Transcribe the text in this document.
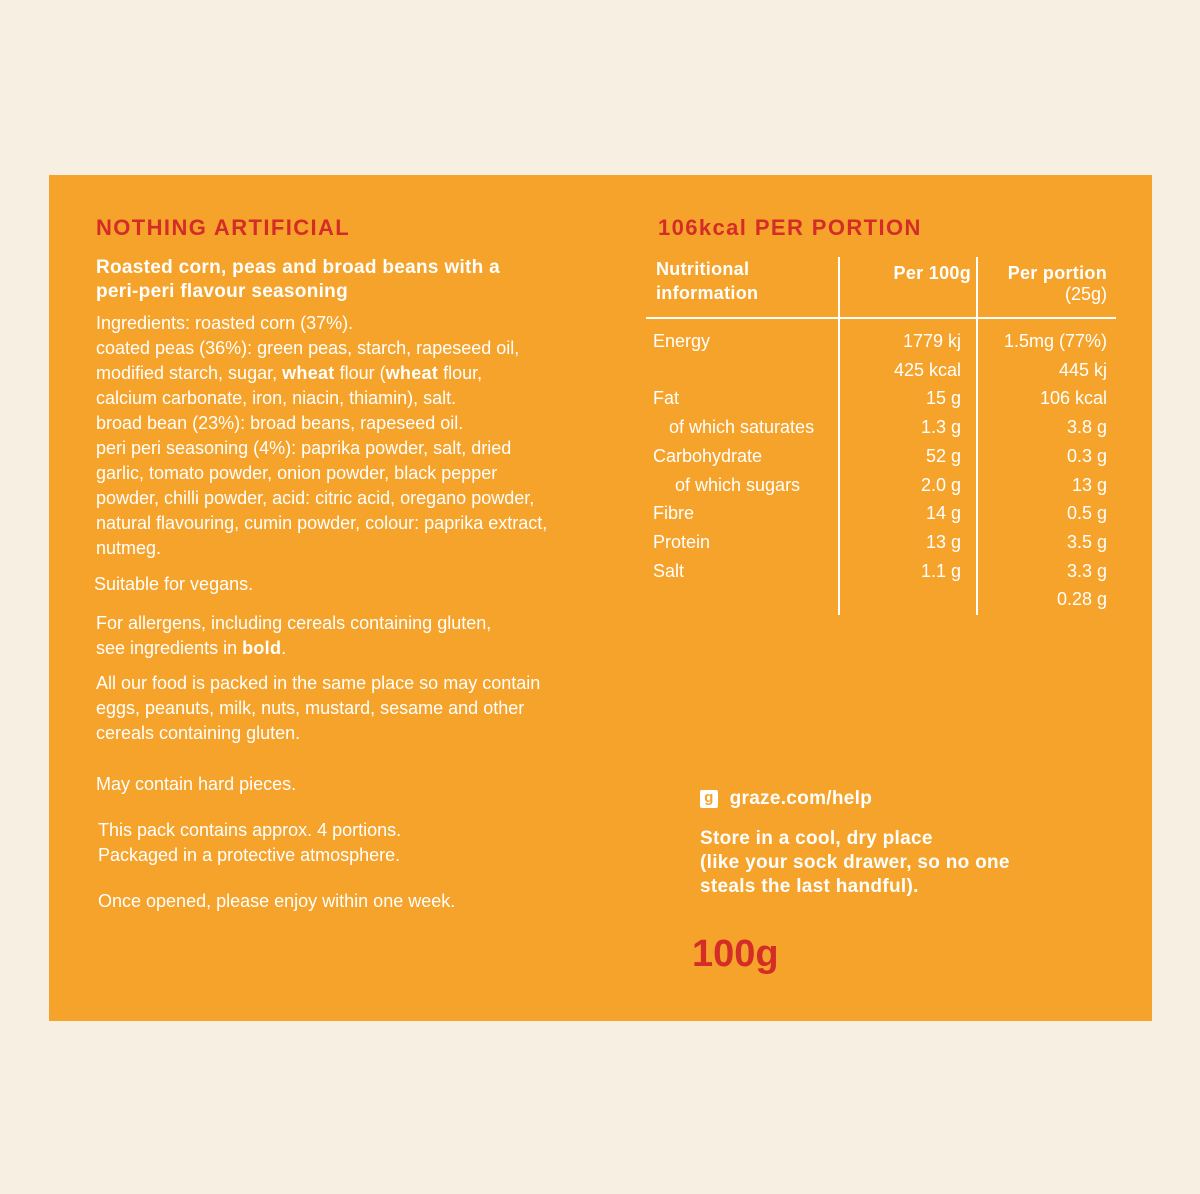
NOTHING ARTIFICIAL
Roasted corn, peas and broad beans with a
peri-peri flavour seasoning
Ingredients: roasted corn (37%).
coated peas (36%): green peas, starch, rapeseed oil,
modified starch, sugar, wheat flour (wheat flour,
calcium carbonate, iron, niacin, thiamin), salt.
broad bean (23%): broad beans, rapeseed oil.
peri peri seasoning (4%): paprika powder, salt, dried
garlic, tomato powder, onion powder, black pepper
powder, chilli powder, acid: citric acid, oregano powder,
natural flavouring, cumin powder, colour: paprika extract,
nutmeg.
Suitable for vegans.
For allergens, including cereals containing gluten,
see ingredients in bold.
All our food is packed in the same place so may contain
eggs, peanuts, milk, nuts, mustard, sesame and other
cereals containing gluten.
May contain hard pieces.
This pack contains approx. 4 portions.
Packaged in a protective atmosphere.
Once opened, please enjoy within one week.
106kcal PER PORTION
Nutritional
information
Per 100g	Per portion
(25g)
Energy
Fat
of which saturates
Carbohydrate
of which sugars
Fibre
Protein
Salt
1779 kj
425 kcal
15 g
1.3 g
52 g
2.0 g
14 g
13 g
1.1 g
1.5mg (77%)
445 kj
106 kcal
3.8 g
0.3 g
13 g
0.5 g
3.5 g
3.3 g
0.28 g
g graze.com/help
Store in a cool, dry place
(like your sock drawer, so no one
steals the last handful).
100g
